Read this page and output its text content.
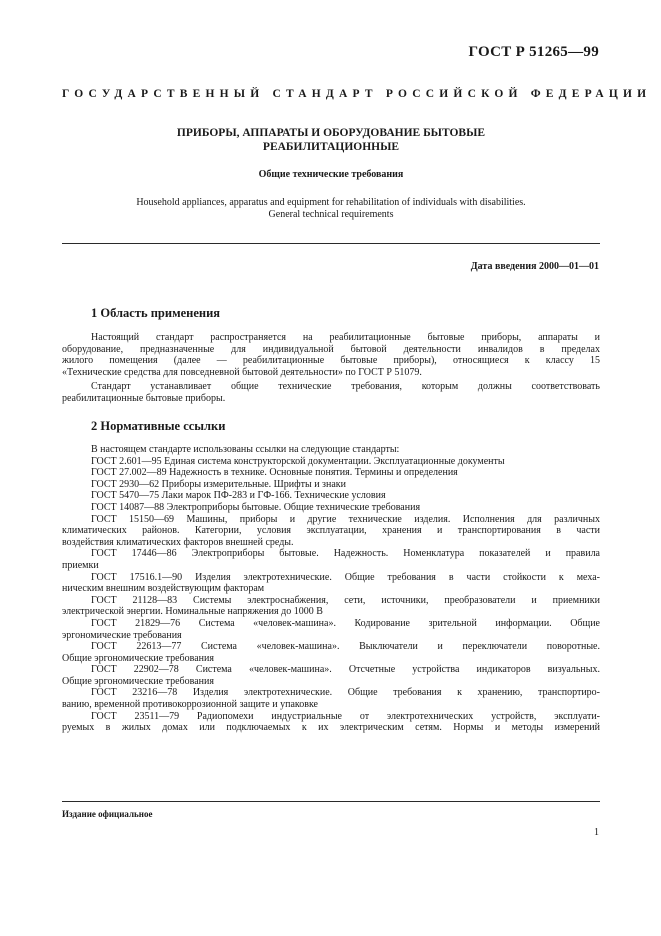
ГОСТ Р 51265—99
ГОСУДАРСТВЕННЫЙ СТАНДАРТ РОССИЙСКОЙ ФЕДЕРАЦИИ
ПРИБОРЫ, АППАРАТЫ И ОБОРУДОВАНИЕ БЫТОВЫЕ
РЕАБИЛИТАЦИОННЫЕ
Общие технические требования
Household appliances, apparatus and equipment for rehabilitation of individuals with disabilities.
General technical requirements
Дата введения 2000—01—01
1 Область применения
Настоящий стандарт распространяется на реабилитационные бытовые приборы, аппараты и
оборудование, предназначенные для индивидуальной бытовой деятельности инвалидов в пределах
жилого помещения (далее — реабилитационные бытовые приборы), относящиеся к классу 15
«Технические средства для повседневной бытовой деятельности» по ГОСТ Р 51079.
Стандарт устанавливает общие технические требования, которым должны соответствовать
реабилитационные бытовые приборы.
2 Нормативные ссылки
В настоящем стандарте использованы ссылки на следующие стандарты:
ГОСТ 2.601—95 Единая система конструкторской документации. Эксплуатационные документы
ГОСТ 27.002—89 Надежность в технике. Основные понятия. Термины и определения
ГОСТ 2930—62 Приборы измерительные. Шрифты и знаки
ГОСТ 5470—75 Лаки марок ПФ-283 и ГФ-166. Технические условия
ГОСТ 14087—88 Электроприборы бытовые. Общие технические требования
ГОСТ 15150—69 Машины, приборы и другие технические изделия. Исполнения для различных
климатических районов. Категории, условия эксплуатации, хранения и транспортирования в части
воздействия климатических факторов внешней среды.
ГОСТ 17446—86 Электроприборы бытовые. Надежность. Номенклатура показателей и правила
приемки
ГОСТ 17516.1—90 Изделия электротехнические. Общие требования в части стойкости к меха-
ническим внешним воздействующим факторам
ГОСТ 21128—83 Системы электроснабжения, сети, источники, преобразователи и приемники
электрической энергии. Номинальные напряжения до 1000 В
ГОСТ 21829—76 Система «человек-машина». Кодирование зрительной информации. Общие
эргономические требования
ГОСТ 22613—77 Система «человек-машина». Выключатели и переключатели поворотные.
Общие эргономические требования
ГОСТ 22902—78 Система «человек-машина». Отсчетные устройства индикаторов визуальных.
Общие эргономические требования
ГОСТ 23216—78 Изделия электротехнические. Общие требования к хранению, транспортиро-
ванию, временной противокоррозионной защите и упаковке
ГОСТ 23511—79 Радиопомехи индустриальные от электротехнических устройств, эксплуати-
руемых в жилых домах или подключаемых к их электрическим сетям. Нормы и методы измерений
Издание официальное
1
